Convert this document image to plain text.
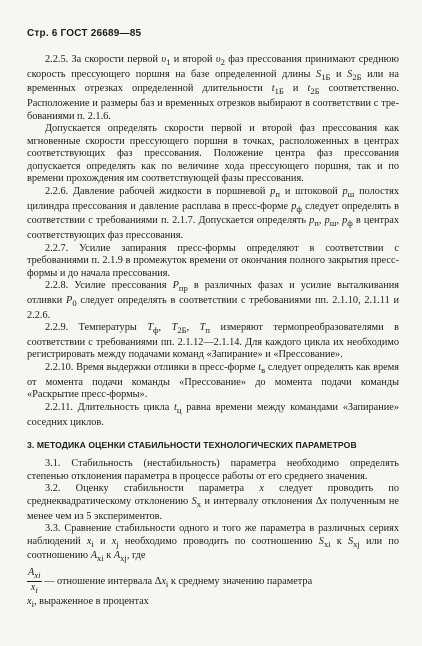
Стр. 6 ГОСТ 26689—85

2.2.5. За скорости первой $\upsilon_1$ и второй $\upsilon_2$ фаз прессования принимают среднюю скорость прессующего поршня на базе определенной длины $S_{1Б}$ и $S_{2Б}$ или на временных отрезках определенной длительности $t_{1Б}$ и $t_{2Б}$ соответственно. Расположение и размеры баз и временных отрезков выбирают в соответствии с требованиями п. 2.1.6.

Допускается определять скорости первой и второй фаз прессования как мгновенные скорости прессующего поршня в точках, расположенных в центрах соответствующих фаз прессования. Положение центра фаз прессования допускается определять как по величине хода прессующего поршня, так и по времени прохождения им соответствующей фазы прессования.

2.2.6. Давление рабочей жидкости в поршневой $p_п$ и штоковой $p_ш$ полостях цилиндра прессования и давление расплава в пресс-форме $p_ф$ следует определять в соответствии с требованиями п. 2.1.7. Допускается определять $p_п$, $p_ш$, $p_ф$ в центрах соответствующих фаз прессования.

2.2.7. Усилие запирания пресс-формы определяют в соответствии с требованиями п. 2.1.9 в промежуток времени от окончания полного закрытия пресс-формы и до начала прессования.

2.2.8. Усилие прессования $P_{пр}$ в различных фазах и усилие выталкивания отливки $P_0$ следует определять в соответствии с требованиями пп. 2.1.10, 2.1.11 и 2.2.6.

2.2.9. Температуры $T_ф$, $T_{2Б}$, $T_п$ измеряют термопреобразователями в соответствии с требованиями пп. 2.1.12—2.1.14. Для каждого цикла их необходимо регистрировать между подачами команд «Запирание» и «Прессование».

2.2.10. Время выдержки отливки в пресс-форме $t_в$ следует определять как время от момента подачи команды «Прессование» до момента подачи команды «Раскрытие пресс-формы».

2.2.11. Длительность цикла $t_ц$ равна времени между командами «Запирание» соседних циклов.

3. МЕТОДИКА ОЦЕНКИ СТАБИЛЬНОСТИ ТЕХНОЛОГИЧЕСКИХ ПАРАМЕТРОВ

3.1. Стабильность (нестабильность) параметра необходимо определять степенью отклонения параметра в процессе работы от его среднего значения.

3.2. Оценку стабильности параметра x следует проводить по среднеквадратическому отклонению $S_x$ и интервалу отклонения Δx полученным не менее чем из 5 экспериментов.

3.3. Сравнение стабильности одного и того же параметра в различных сериях наблюдений $x_i$ и $x_j$ необходимо проводить по соотношению $S_{xi}$ к $S_{xj}$ или по соотношению $A_{xi}$ к $A_{xj}$, где

$\frac{A_{xi}}{x_i}$ — отношение интервала $\Delta x_i$ к среднему значению параметра
$x_i$, выраженное в процентах
